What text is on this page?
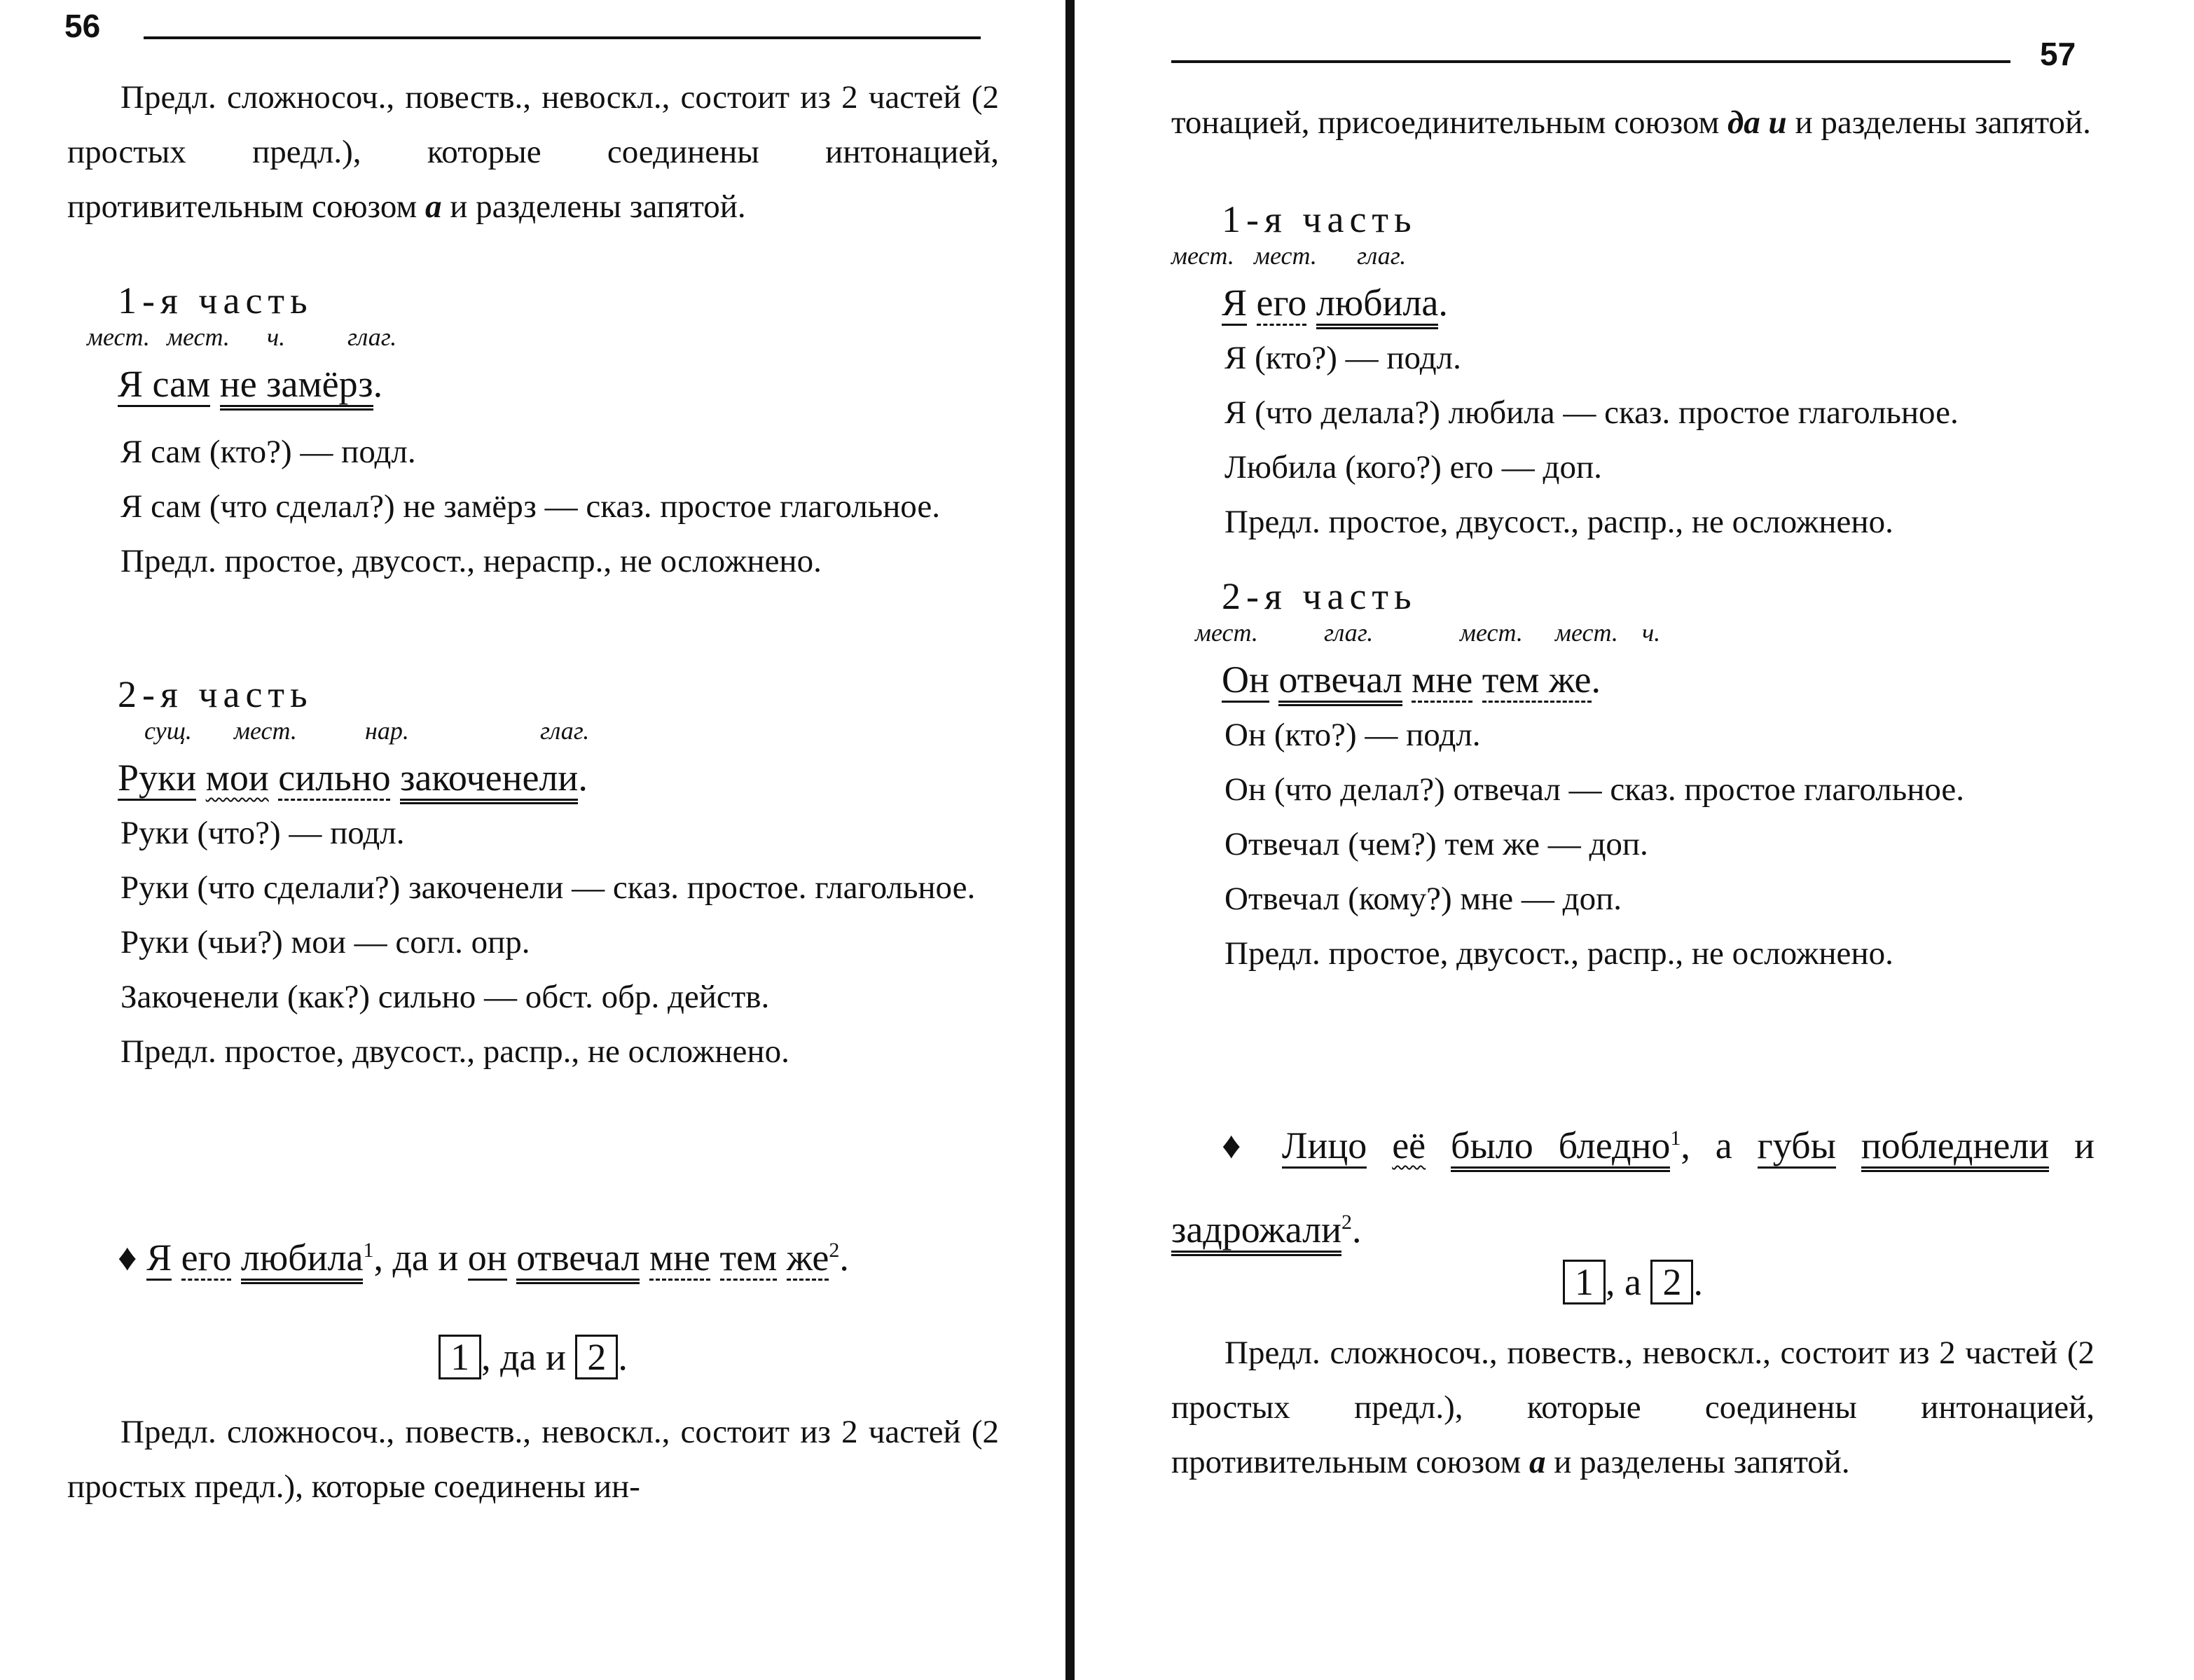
56

Предл. сложносоч., повеств., невоскл., состоит из 2 частей (2 простых предл.), которые соединены интонацией, противительным союзом а и разделены запятой.

1-я часть

мест. мест. ч. глаг.

Я сам не замёрз.

Я сам (кто?) — подл.

Я сам (что сделал?) не замёрз — сказ. простое глагольное.

Предл. простое, двусост., нераспр., не осложнено.

2-я часть

сущ. мест.	нар.	глаг.

Руки мои сильно закоченели.

Руки (что?) — подл.

Руки (что сделали?) закоченели — сказ. простое. глагольное.

Руки (чьи?) мои — согл. опр.

Закоченели (как?) сильно — обст. обр. действ.

Предл. простое, двусост., распр., не осложнено.

♦ Я его любила$^1$, да и он отвечал мне тем $же^2$.

1 , да и 2 .

Предл. сложносоч., повеств., невоскл., состоит из 2 частей (2 простых предл.), которые соединены ин-

57

тонацией, присоединительным союзом да и и разделены запятой.

1-я часть

мест. мест. глаг.

Я его любила.

Я (кто?) — подл.

Я (что делала?) любила — сказ. простое глагольное.

Любила (кого?) его — доп.

Предл. простое, двусост., распр., не осложнено.

2-я часть

мест.	глаг.	мест. мест. ч.

Он отвечал мне тем же.

Он (кто?) — подл.

Он (что делал?) отвечал — сказ. простое глагольное.

Отвечал (чем?) тем же — доп.

Отвечал (кому?) мне — доп.

Предл. простое, двусост., распр., не осложнено.

♦ Лицо её было бледно$^1$, а губы побледнели и задрожали$^2$.

1 , а 2 .

Предл. сложносоч., повеств., невоскл., состоит из 2 частей (2 простых предл.), которые соединены интонацией, противительным союзом а и разделены запятой.
